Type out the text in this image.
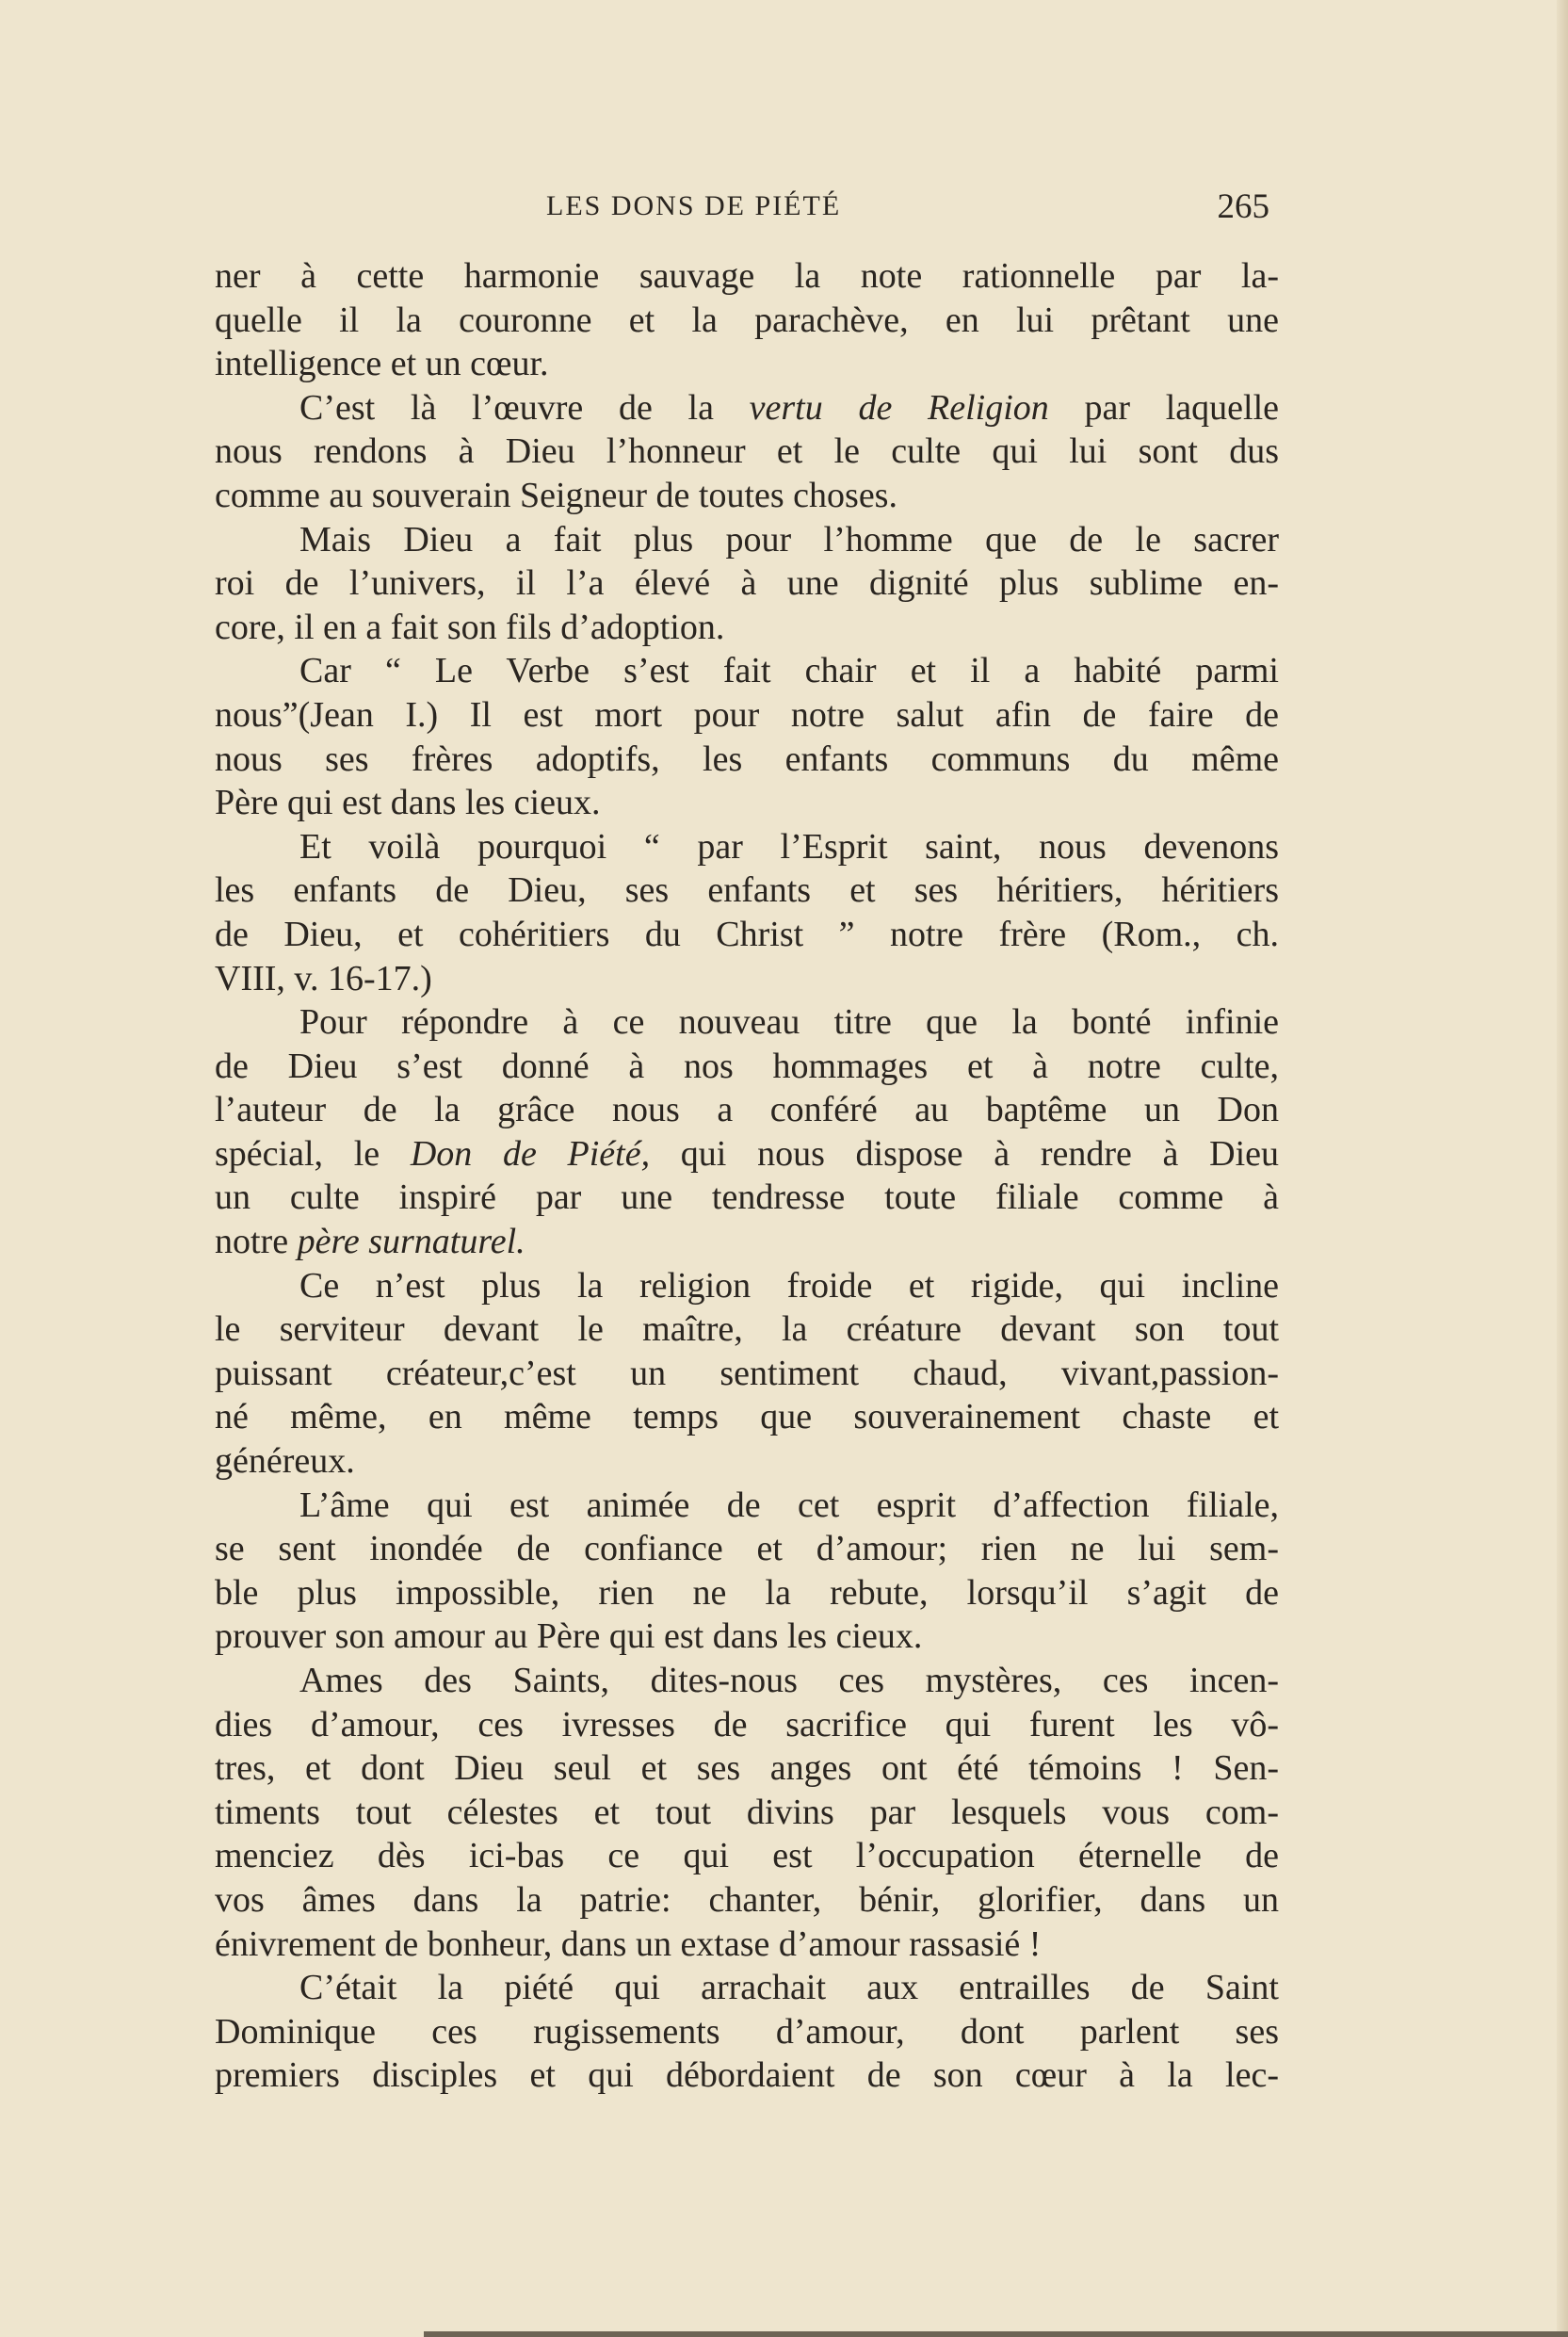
LES DONS DE PIÉTÉ	265
ner à cette harmonie sauvage la note rationnelle par la-
quelle il la couronne et la parachève, en lui prêtant une
intelligence et un cœur.
C’est là l’œuvre de la vertu de Religion par laquelle
nous rendons à Dieu l’honneur et le culte qui lui sont dus
comme au souverain Seigneur de toutes choses.
Mais Dieu a fait plus pour l’homme que de le sacrer
roi de l’univers, il l’a élevé à une dignité plus sublime en-
core, il en a fait son fils d’adoption.
Car “ Le Verbe s’est fait chair et il a habité parmi
nous”(Jean I.) Il est mort pour notre salut afin de faire de
nous ses frères adoptifs, les enfants communs du même
Père qui est dans les cieux.
Et voilà pourquoi “ par l’Esprit saint, nous devenons
les enfants de Dieu, ses enfants et ses héritiers, héritiers
de Dieu, et cohéritiers du Christ ” notre frère (Rom., ch.
VIII, v. 16-17.)
Pour répondre à ce nouveau titre que la bonté infinie
de Dieu s’est donné à nos hommages et à notre culte,
l’auteur de la grâce nous a conféré au baptême un Don
spécial, le Don de Piété, qui nous dispose à rendre à Dieu
un culte inspiré par une tendresse toute filiale comme à
notre père surnaturel.
Ce n’est plus la religion froide et rigide, qui incline
le serviteur devant le maître, la créature devant son tout
puissant créateur,c’est un sentiment chaud, vivant,passion-
né même, en même temps que souverainement chaste et
généreux.
L’âme qui est animée de cet esprit d’affection filiale,
se sent inondée de confiance et d’amour; rien ne lui sem-
ble plus impossible, rien ne la rebute, lorsqu’il s’agit de
prouver son amour au Père qui est dans les cieux.
Ames des Saints, dites-nous ces mystères, ces incen-
dies d’amour, ces ivresses de sacrifice qui furent les vô-
tres, et dont Dieu seul et ses anges ont été témoins ! Sen-
timents tout célestes et tout divins par lesquels vous com-
menciez dès ici-bas ce qui est l’occupation éternelle de
vos âmes dans la patrie: chanter, bénir, glorifier, dans un
énivrement de bonheur, dans un extase d’amour rassasié !
C’était la piété qui arrachait aux entrailles de Saint
Dominique ces rugissements d’amour, dont parlent ses
premiers disciples et qui débordaient de son cœur à la lec-
